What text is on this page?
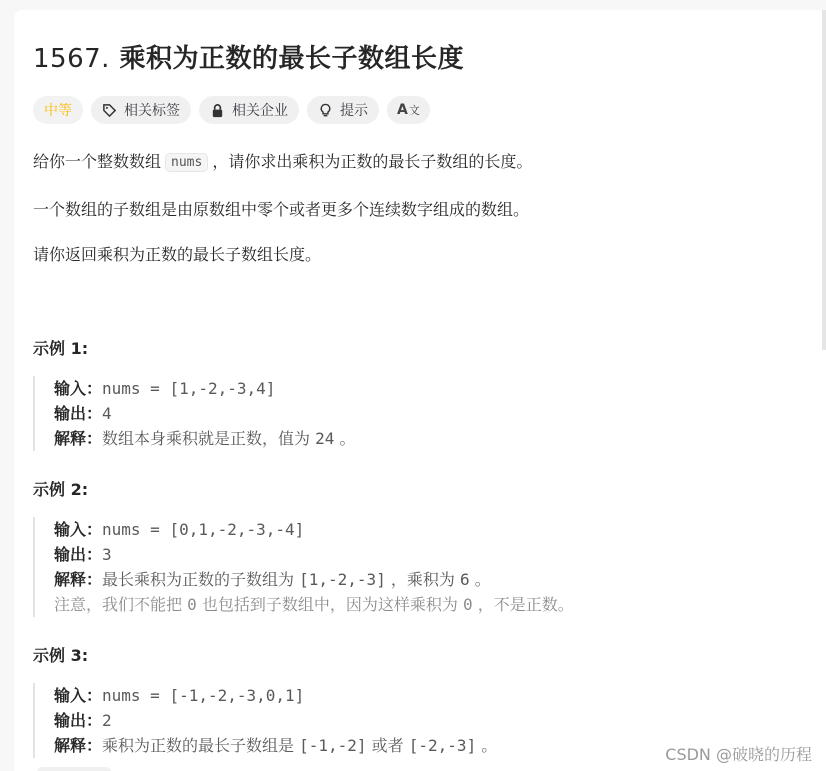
1567. 乘积为正数的最长子数组长度
中等	相关标签	相关企业	提示 A 文

给你一个整数数组 nums ，请你求出乘积为正数的最长子数组的长度。

一个数组的子数组是由原数组中零个或者更多个连续数字组成的数组。

请你返回乘积为正数的最长子数组长度。

示例 1:

输入：nums = [1,-2,-3,4]
输出：4
解释：数组本身乘积就是正数，值为 24 。

示例 2:

输入：nums = [0,1,-2,-3,-4]
输出：3
解释：最长乘积为正数的子数组为 [1,-2,-3] ，乘积为 6 。
注意，我们不能把 0 也包括到子数组中，因为这样乘积为 0 ，不是正数。

示例 3:

输入：nums = [-1,-2,-3,0,1]
输出：2
解释：乘积为正数的最长子数组是 [-1,-2] 或者 [-2,-3] 。	CSDN @破晓的历程
